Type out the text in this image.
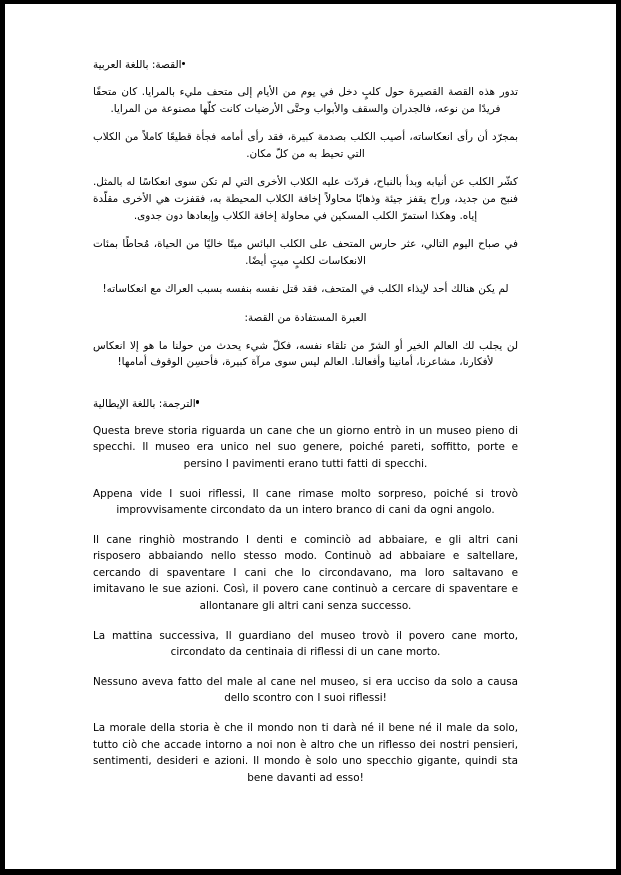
القصة: باللغة العربية

تدور هذه القصة القصيرة حول كلبٍ دخل في يوم من الأيام إلى متحف مليء بالمرايا. كان متحفًا فريدًا من نوعه، فالجدران والسقف والأبواب وحتَّى الأرضيات كانت كلّها مصنوعة من المرايا.

بمجرّد أن رأى انعكاساته، أصيب الكلب بصدمة كبيرة، فقد رأى أمامه فجأة قطيعًا كاملاً من الكلاب التي تحيط به من كلّ مكان.

كشّر الكلب عن أنيابه وبدأ بالنباح، فردّت عليه الكلاب الأخرى التي لم تكن سوى انعكاسًا له بالمثل. فنبح من جديد، وراح يقفز جيئة وذهابًا محاولاً إخافة الكلاب المحيطة به، فقفزت هي الأخرى مقلّدة إياه. وهكذا استمرّ الكلب المسكين في محاولة إخافة الكلاب وإبعادها دون جدوى.

في صباح اليوم التالي، عثر حارس المتحف على الكلب البائس ميتًا خاليًا من الحياة، مُحاطًا بمئات الانعكاسات لكلبٍ ميتٍ أيضًا.

لم يكن هنالك أحد لإيذاء الكلب في المتحف، فقد قتل نفسه بنفسه بسبب العراك مع انعكاساته!

العبرة المستفادة من القصة:

لن يجلب لك العالم الخير أو الشرّ من تلقاء نفسه، فكلّ شيء يحدث من حولنا ما هو إلا انعكاس لأفكارنا، مشاعرنا، أمانينا وأفعالنا. العالم ليس سوى مرآة كبيرة، فأحسِن الوقوف أمامها!

الترجمة: باللغة الإيطالية

Questa breve storia riguarda un cane che un giorno entrò in un museo pieno di specchi. Il museo era unico nel suo genere, poiché pareti, soffitto, porte e persino I pavimenti erano tutti fatti di specchi.

Appena vide I suoi riflessi, Il cane rimase molto sorpreso, poiché si trovò improvvisamente circondato da un intero branco di cani da ogni angolo.

Il cane ringhiò mostrando I denti e cominciò ad abbaiare, e gli altri cani risposero abbaiando nello stesso modo. Continuò ad abbaiare e saltellare, cercando di spaventare I cani che lo circondavano, ma loro saltavano e imitavano le sue azioni. Così, il povero cane continuò a cercare di spaventare e allontanare gli altri cani senza successo.

La mattina successiva, Il guardiano del museo trovò il povero cane morto, circondato da centinaia di riflessi di un cane morto.

Nessuno aveva fatto del male al cane nel museo, si era ucciso da solo a causa dello scontro con I suoi riflessi!

La morale della storia è che il mondo non ti darà né il bene né il male da solo, tutto ciò che accade intorno a noi non è altro che un riflesso dei nostri pensieri, sentimenti, desideri e azioni. Il mondo è solo uno specchio gigante, quindi sta bene davanti ad esso!
